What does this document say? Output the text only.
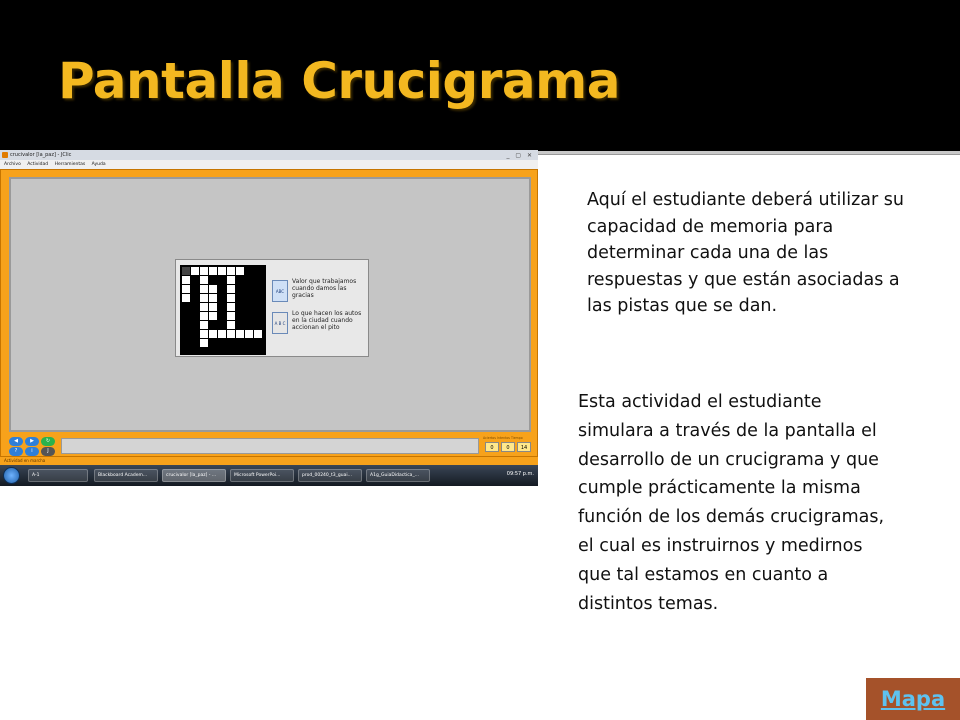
Pantalla Crucigrama
crucivalor [la_paz] - JClic	_ ▢ ✕
Archivo Actividad Herramientas Ayuda
ABC
Valor que trabajamos cuando damos las gracias
A B C
Lo que hacen los autos en la ciudad cuando accionan el pito
◀	▶	↻
?	i	J
Aciertos Intentos Tiempo
0	0	14
Actividad en marcha
A-1	Blackboard Academ...	crucivalor [la_paz] - ...	Microsoft PowerPoi...	prod_00240_t3_guai...	A1g_GuiaDidactica_...	09:57 p.m.
Aquí el estudiante deberá utilizar su capacidad de memoria para determinar cada una de las respuestas y que están asociadas a las pistas que se dan.
Esta actividad el estudiante simulara a través de la pantalla el desarrollo de un crucigrama y que cumple prácticamente la misma función de los demás crucigramas, el cual es instruirnos y medirnos que tal estamos en cuanto a distintos temas.
Mapa
